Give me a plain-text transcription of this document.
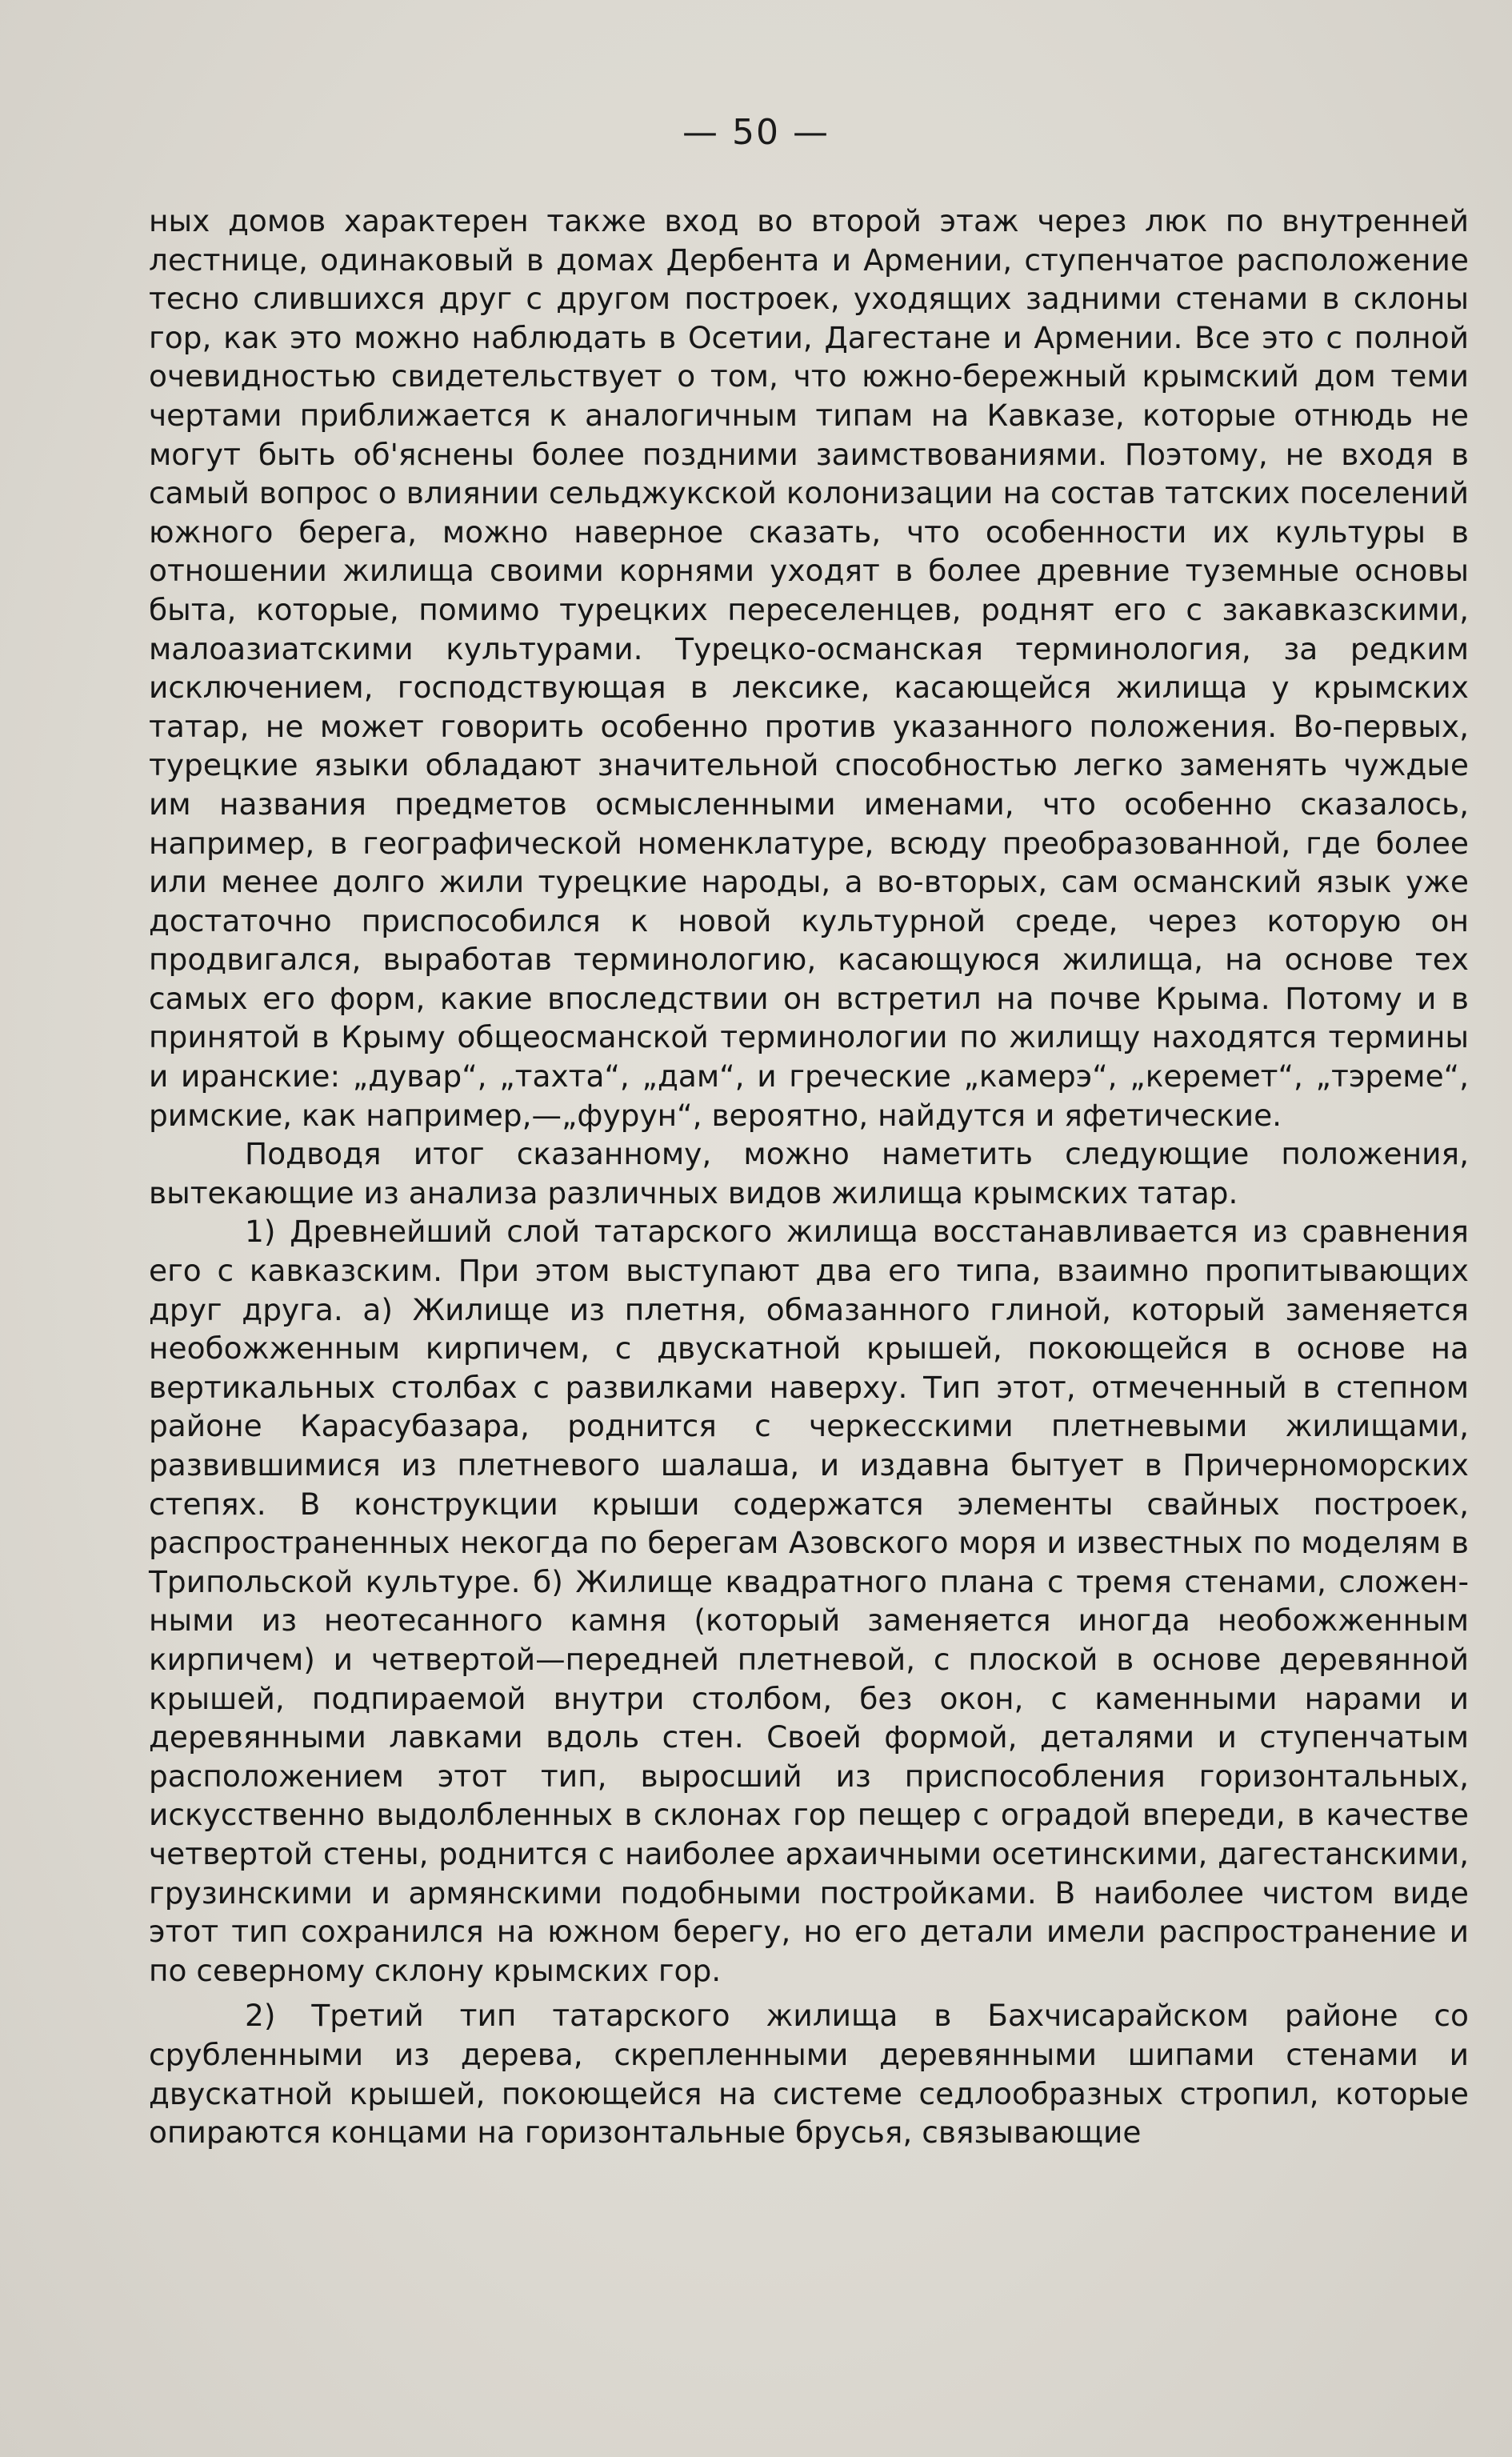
— 50 —

ных домов характерен также вход во второй этаж через люк по внутренней лестнице, одинаковый в домах Дербента и Армении, ступенчатое расположение тесно слившихся друг с другом построек, уходящих задними стенами в склоны гор, как это можно наблюдать в Осетии, Дагестане и Армении. Все это с полной очевидностью свидетельствует о том, что южно-бережный крымский дом теми чертами приближается к аналогичным типам на Кавказе, которые отнюдь не могут быть об'яснены более поздними заимствованиями. Поэтому, не входя в самый вопрос о влиянии сельджукской колонизации на состав татских поселений южного берега, можно наверное сказать, что особенности их культуры в отношении жилища своими корнями уходят в более древние туземные основы быта, которые, помимо турецких переселенцев, роднят его с закавказскими, малоазиатскими культурами. Турецко-османская терминология, за редким исключением, господствующая в лексике, касающейся жилища у крымских татар, не может говорить особенно против указанного положения. Во-первых, турецкие языки обладают значительной способностью легко заменять чуждые им названия предметов осмысленными именами, что особенно сказалось, например, в географической номенклатуре, всюду преобразованной, где более или менее долго жили турецкие народы, а во-вторых, сам османский язык уже достаточно приспособился к новой культурной среде, через которую он продвигался, выработав терминологию, касающуюся жилища, на основе тех самых его форм, какие впоследствии он встретил на почве Крыма. Потому и в принятой в Крыму общеосманской терминологии по жилищу находятся термины и иранские: „дувар“, „тахта“, „дам“, и греческие „камерэ“, „керемет“, „тэреме“, римские, как например,—„фурун“, вероятно, найдутся и яфетические.

Подводя итог сказанному, можно наметить следующие положения, вытекающие из анализа различных видов жилища крымских татар.

1) Древнейший слой татарского жилища восстанавливается из сравнения его с кавказским. При этом выступают два его типа, взаимно пропитывающих друг друга. а) Жилище из плетня, обмазанного глиной, который заменяется необожженным кирпичем, с двускатной крышей, покоющейся в основе на вертикальных столбах с развилками наверху. Тип этот, отмеченный в степном районе Карасубазара, роднится с черкесскими плетневыми жилищами, развившимися из плетневого шалаша, и издавна бытует в Причерноморских степях. В конструкции крыши содержатся элементы свайных построек, распространенных некогда по берегам Азовского моря и известных по моделям в Трипольской культуре. б) Жилище квадратного плана с тремя стенами, сложенными из неотесанного камня (который заменяется иногда необожженным кирпичем) и четвертой—передней плетневой, с плоской в основе деревянной крышей, подпираемой внутри столбом, без окон, с каменными нарами и деревянными лавками вдоль стен. Своей формой, деталями и ступенчатым расположением этот тип, выросший из приспособления горизонтальных, искусственно выдолбленных в склонах гор пещер с оградой впереди, в качестве четвертой стены, роднится с наиболее архаичными осетинскими, дагестанскими, грузинскими и армянскими подобными постройками. В наиболее чистом виде этот тип сохранился на южном берегу, но его детали имели распространение и по северному склону крымских гор.

2) Третий тип татарского жилища в Бахчисарайском районе со срубленными из дерева, скрепленными деревянными шипами стенами и двускатной крышей, покоющейся на системе седлообразных стропил, которые опираются концами на горизонтальные брусья, связывающие
